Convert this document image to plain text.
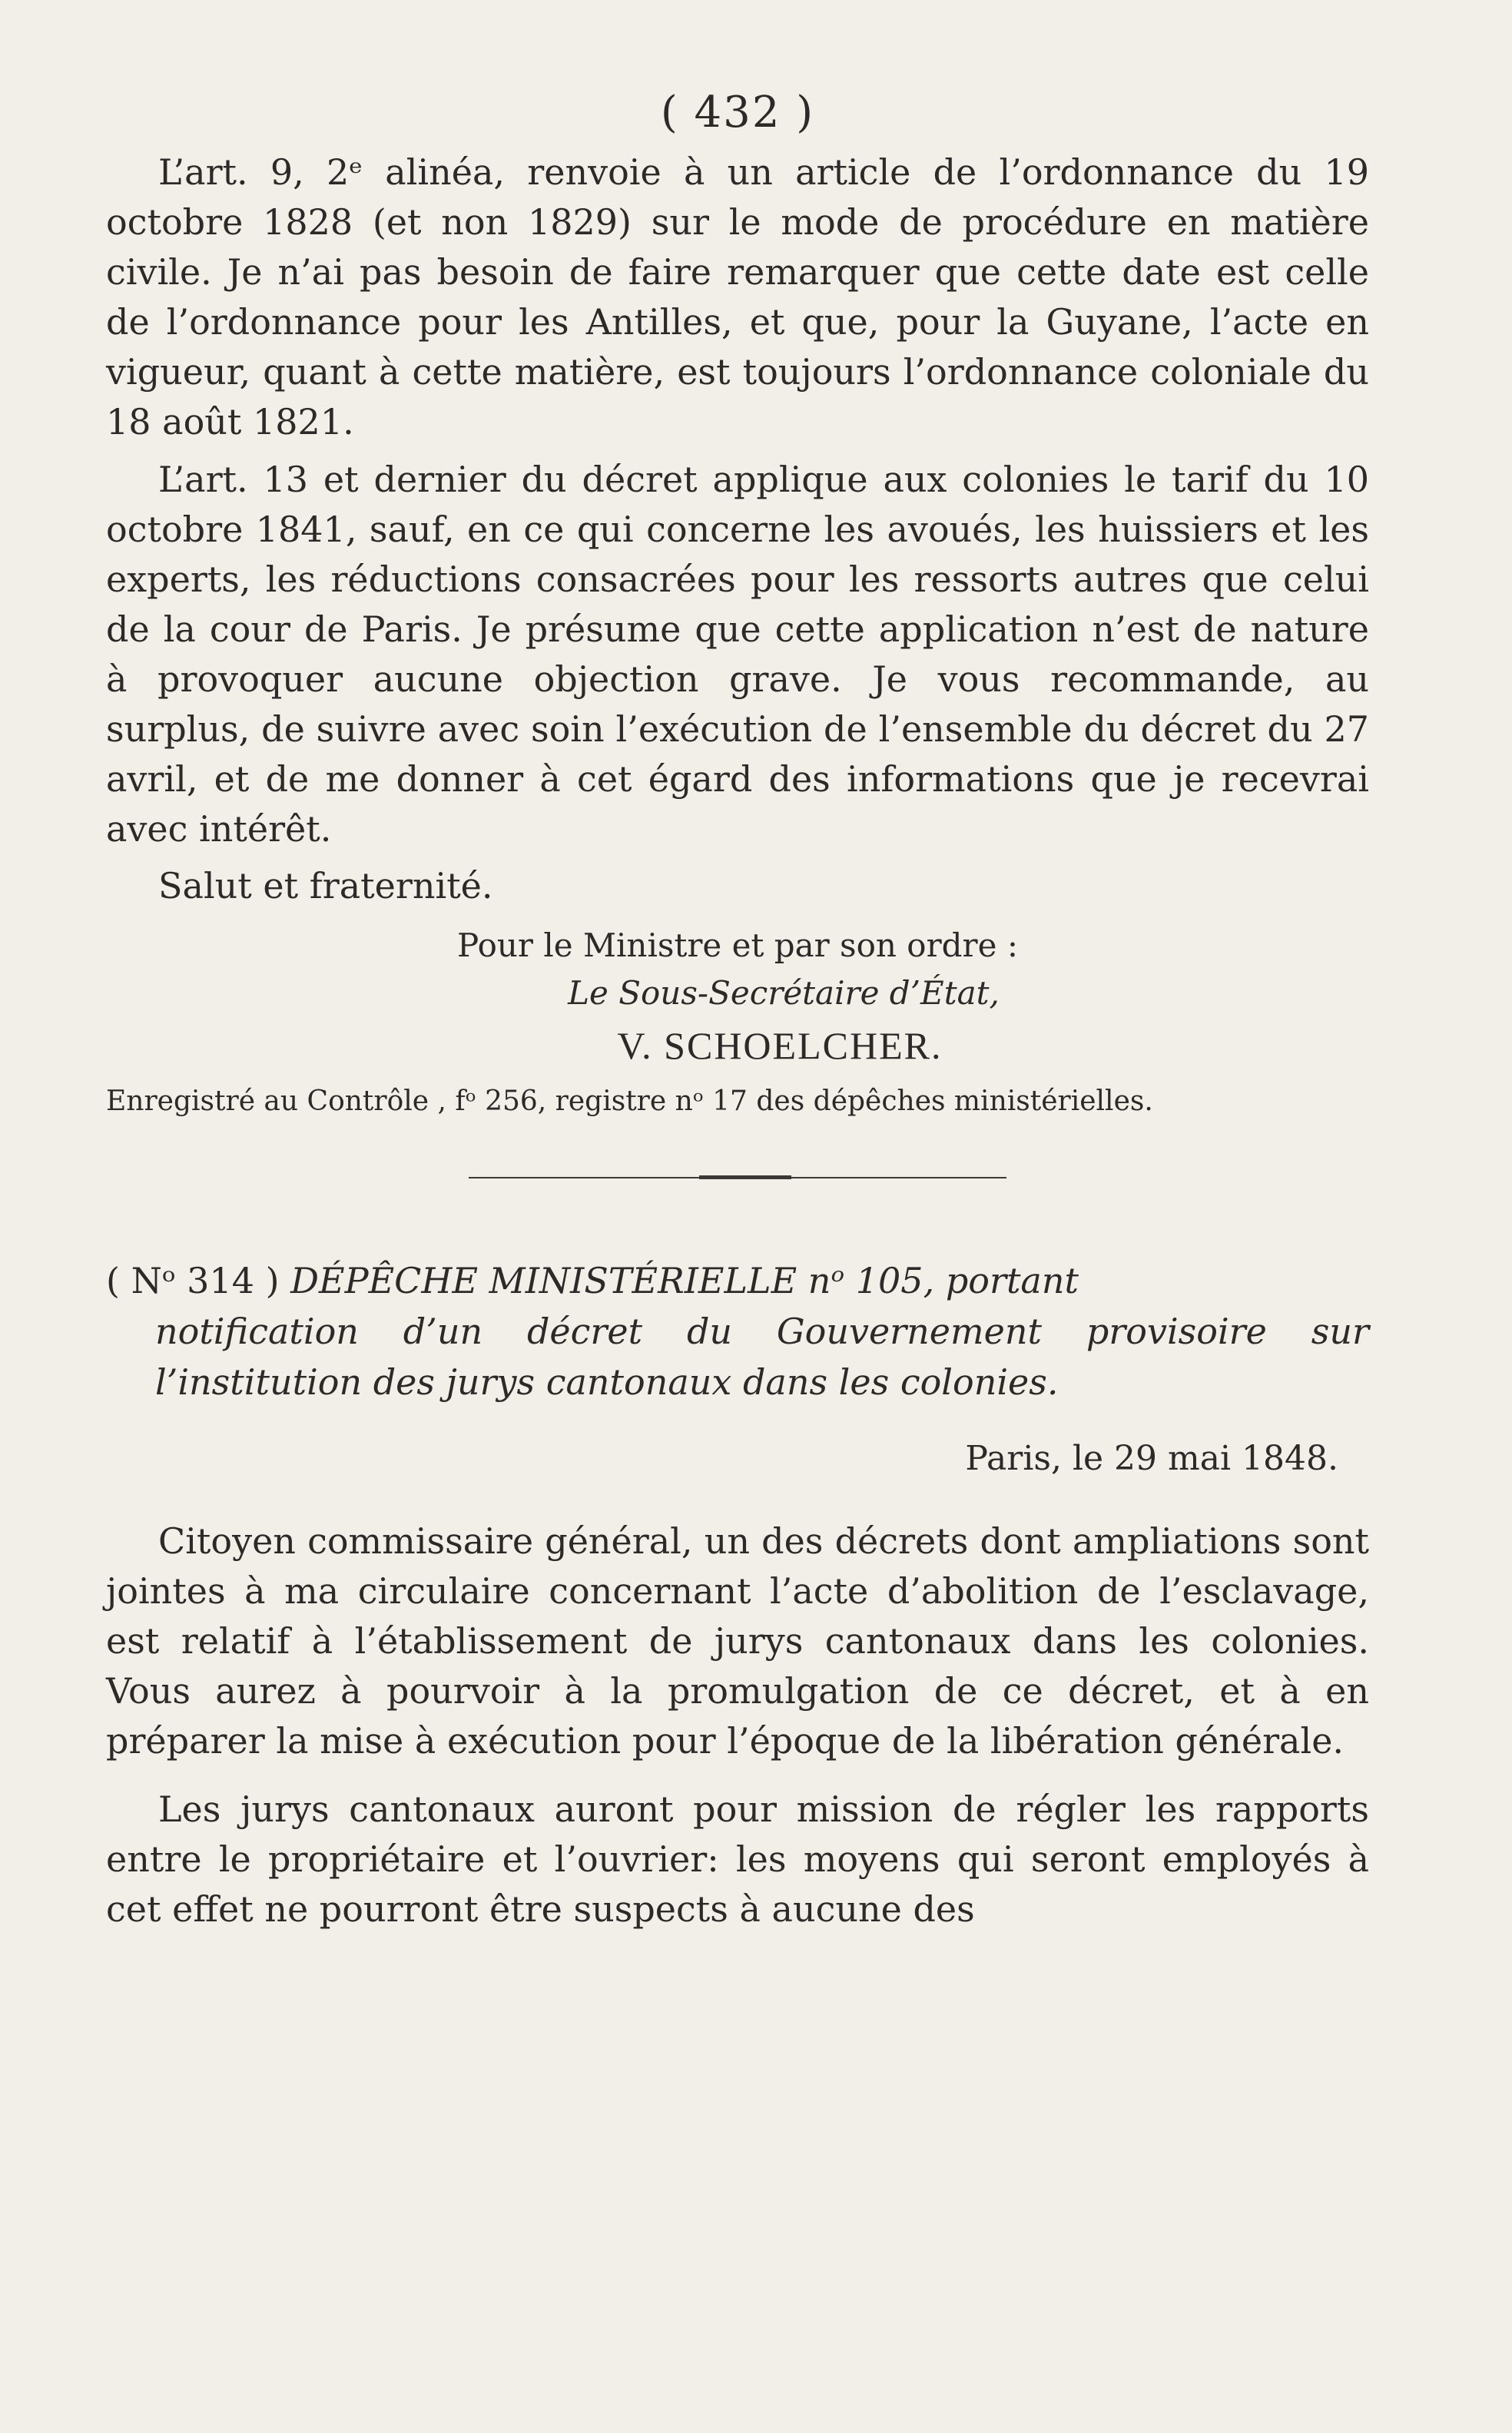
( 432 )

L’art. 9, 2ᵉ alinéa, renvoie à un article de l’ordonnance du 19 octobre 1828 (et non 1829) sur le mode de procédure en matière civile. Je n’ai pas besoin de faire remarquer que cette date est celle de l’ordonnance pour les Antilles, et que, pour la Guyane, l’acte en vigueur, quant à cette matière, est toujours l’ordonnance coloniale du 18 août 1821.

L’art. 13 et dernier du décret applique aux colonies le tarif du 10 octobre 1841, sauf, en ce qui concerne les avoués, les huissiers et les experts, les réductions consacrées pour les ressorts autres que celui de la cour de Paris. Je présume que cette application n’est de nature à provoquer aucune objection grave. Je vous recommande, au surplus, de suivre avec soin l’exécution de l’ensemble du décret du 27 avril, et de me donner à cet égard des informations que je recevrai avec intérêt.

Salut et fraternité.
Pour le Ministre et par son ordre :
Le Sous-Secrétaire d’État,
V. SCHOELCHER.
Enregistré au Contrôle , fᵒ 256, registre nᵒ 17 des dépêches ministérielles.
( Nᵒ 314 ) DÉPÊCHE MINISTÉRIELLE nᵒ 105, portant
notification d’un décret du Gouvernement provisoire sur l’institution des jurys cantonaux dans les colonies.
Paris, le 29 mai 1848.

Citoyen commissaire général, un des décrets dont ampliations sont jointes à ma circulaire concernant l’acte d’abolition de l’esclavage, est relatif à l’établissement de jurys cantonaux dans les colonies. Vous aurez à pourvoir à la promulgation de ce décret, et à en préparer la mise à exécution pour l’époque de la libération générale.

Les jurys cantonaux auront pour mission de régler les rapports entre le propriétaire et l’ouvrier: les moyens qui seront employés à cet effet ne pourront être suspects à aucune des
